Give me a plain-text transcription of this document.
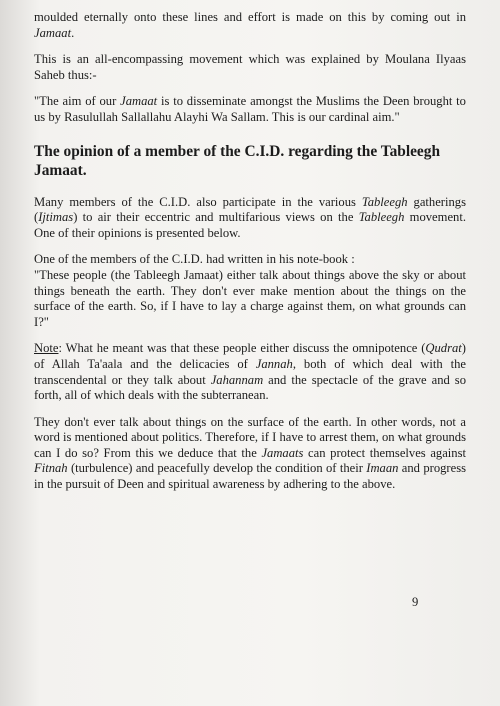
moulded eternally onto these lines and effort is made on this by coming out in Jamaat.

This is an all-encompassing movement which was explained by Moulana Ilyaas Saheb thus:-

"The aim of our Jamaat is to disseminate amongst the Muslims the Deen brought to us by Rasulullah Sallallahu Alayhi Wa Sallam. This is our cardinal aim."

The opinion of a member of the C.I.D. regarding the Tableegh Jamaat.

Many members of the C.I.D. also participate in the various Tableegh gatherings (Ijtimas) to air their eccentric and multifarious views on the Tableegh movement. One of their opinions is presented below.

One of the members of the C.I.D. had written in his note-book :
"These people (the Tableegh Jamaat) either talk about things above the sky or about things beneath the earth. They don't ever make mention about the things on the surface of the earth. So, if I have to lay a charge against them, on what grounds can I?"

Note: What he meant was that these people either discuss the omnipotence (Qudrat) of Allah Ta'aala and the delicacies of Jannah, both of which deal with the transcendental or they talk about Jahannam and the spectacle of the grave and so forth, all of which deals with the subterranean.

They don't ever talk about things on the surface of the earth. In other words, not a word is mentioned about politics. Therefore, if I have to arrest them, on what grounds can I do so? From this we deduce that the Jamaats can protect themselves against Fitnah (turbulence) and peacefully develop the condition of their Imaan and progress in the pursuit of Deen and spiritual awareness by adhering to the above.

9
